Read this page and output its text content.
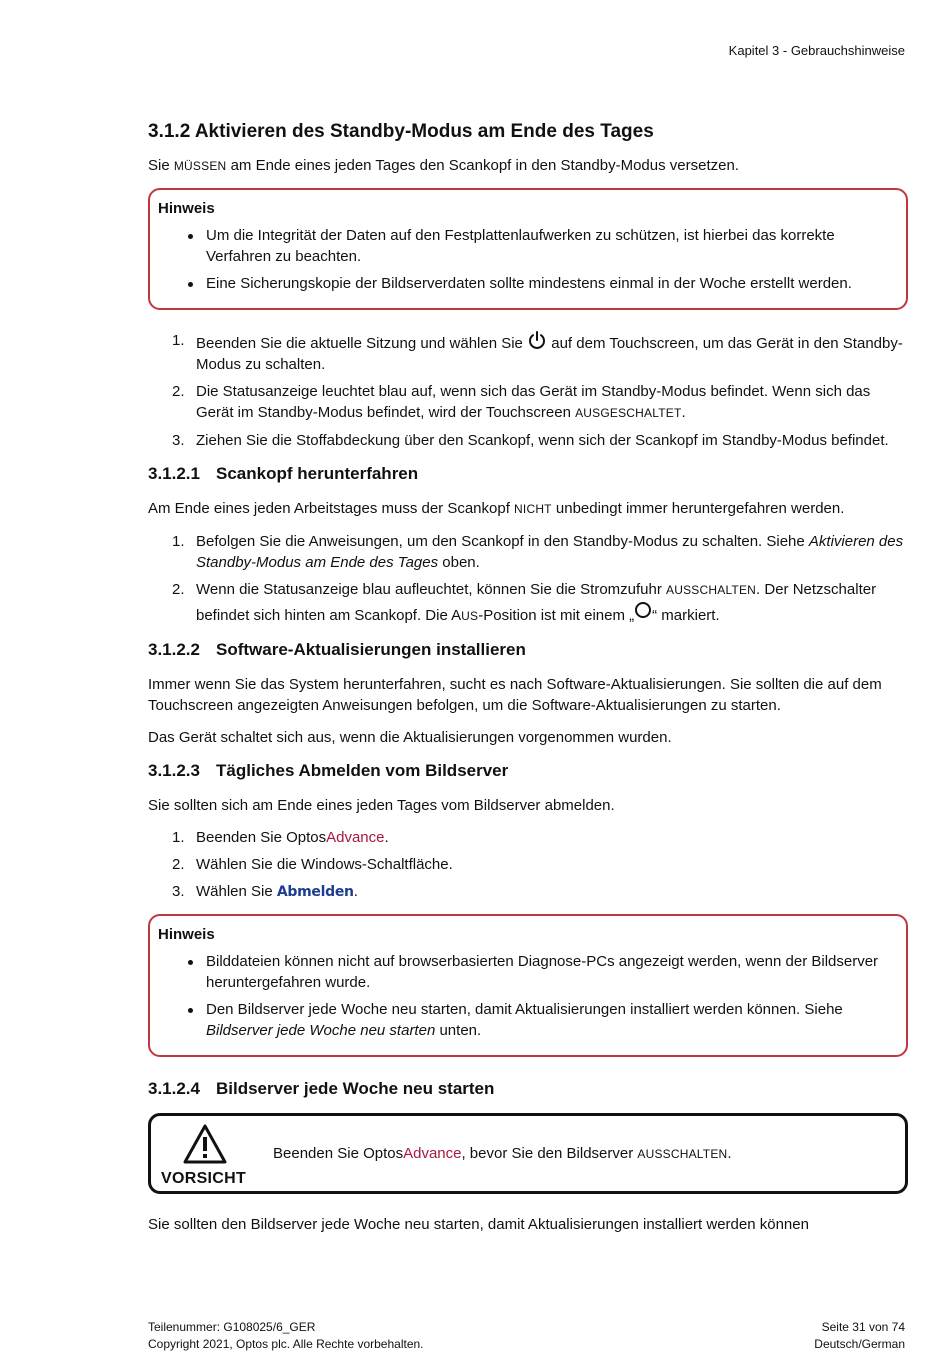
Kapitel 3 - Gebrauchshinweise
3.1.2 Aktivieren des Standby-Modus am Ende des Tages

Sie MÜSSEN am Ende eines jeden Tages den Scankopf in den Standby-Modus versetzen.

Hinweis
Um die Integrität der Daten auf den Festplattenlaufwerken zu schützen, ist hierbei das korrekte Verfahren zu beachten.
Eine Sicherungskopie der Bildserverdaten sollte mindestens einmal in der Woche erstellt werden.
1. Beenden Sie die aktuelle Sitzung und wählen Sie  auf dem Touchscreen, um das Gerät in den Standby-Modus zu schalten.
2. Die Statusanzeige leuchtet blau auf, wenn sich das Gerät im Standby-Modus befindet. Wenn sich das Gerät im Standby-Modus befindet, wird der Touchscreen AUSGESCHALTET.
3. Ziehen Sie die Stoffabdeckung über den Scankopf, wenn sich der Scankopf im Standby-Modus befindet.
3.1.2.1 Scankopf herunterfahren

Am Ende eines jeden Arbeitstages muss der Scankopf NICHT unbedingt immer heruntergefahren werden.

1. Befolgen Sie die Anweisungen, um den Scankopf in den Standby-Modus zu schalten. Siehe Aktivieren des Standby-Modus am Ende des Tages oben.
2. Wenn die Statusanzeige blau aufleuchtet, können Sie die Stromzufuhr AUSSCHALTEN. Der Netzschalter befindet sich hinten am Scankopf. Die AUS-Position ist mit einem „ “ markiert.
3.1.2.2 Software-Aktualisierungen installieren

Immer wenn Sie das System herunterfahren, sucht es nach Software-Aktualisierungen. Sie sollten die auf dem Touchscreen angezeigten Anweisungen befolgen, um die Software-Aktualisierungen zu starten.

Das Gerät schaltet sich aus, wenn die Aktualisierungen vorgenommen wurden.

3.1.2.3 Tägliches Abmelden vom Bildserver

Sie sollten sich am Ende eines jeden Tages vom Bildserver abmelden.

1. Beenden Sie OptosAdvance.
2. Wählen Sie die Windows-Schaltfläche.
3. Wählen Sie Abmelden.
Hinweis
Bilddateien können nicht auf browserbasierten Diagnose-PCs angezeigt werden, wenn der Bildserver heruntergefahren wurde.
Den Bildserver jede Woche neu starten, damit Aktualisierungen installiert werden können. Siehe Bildserver jede Woche neu starten unten.
3.1.2.4 Bildserver jede Woche neu starten
VORSICHT
Beenden Sie OptosAdvance, bevor Sie den Bildserver AUSSCHALTEN.

Sie sollten den Bildserver jede Woche neu starten, damit Aktualisierungen installiert werden können

Teilenummer: G108025/6_GER
Copyright 2021, Optos plc. Alle Rechte vorbehalten.
Seite 31 von 74
Deutsch/German
